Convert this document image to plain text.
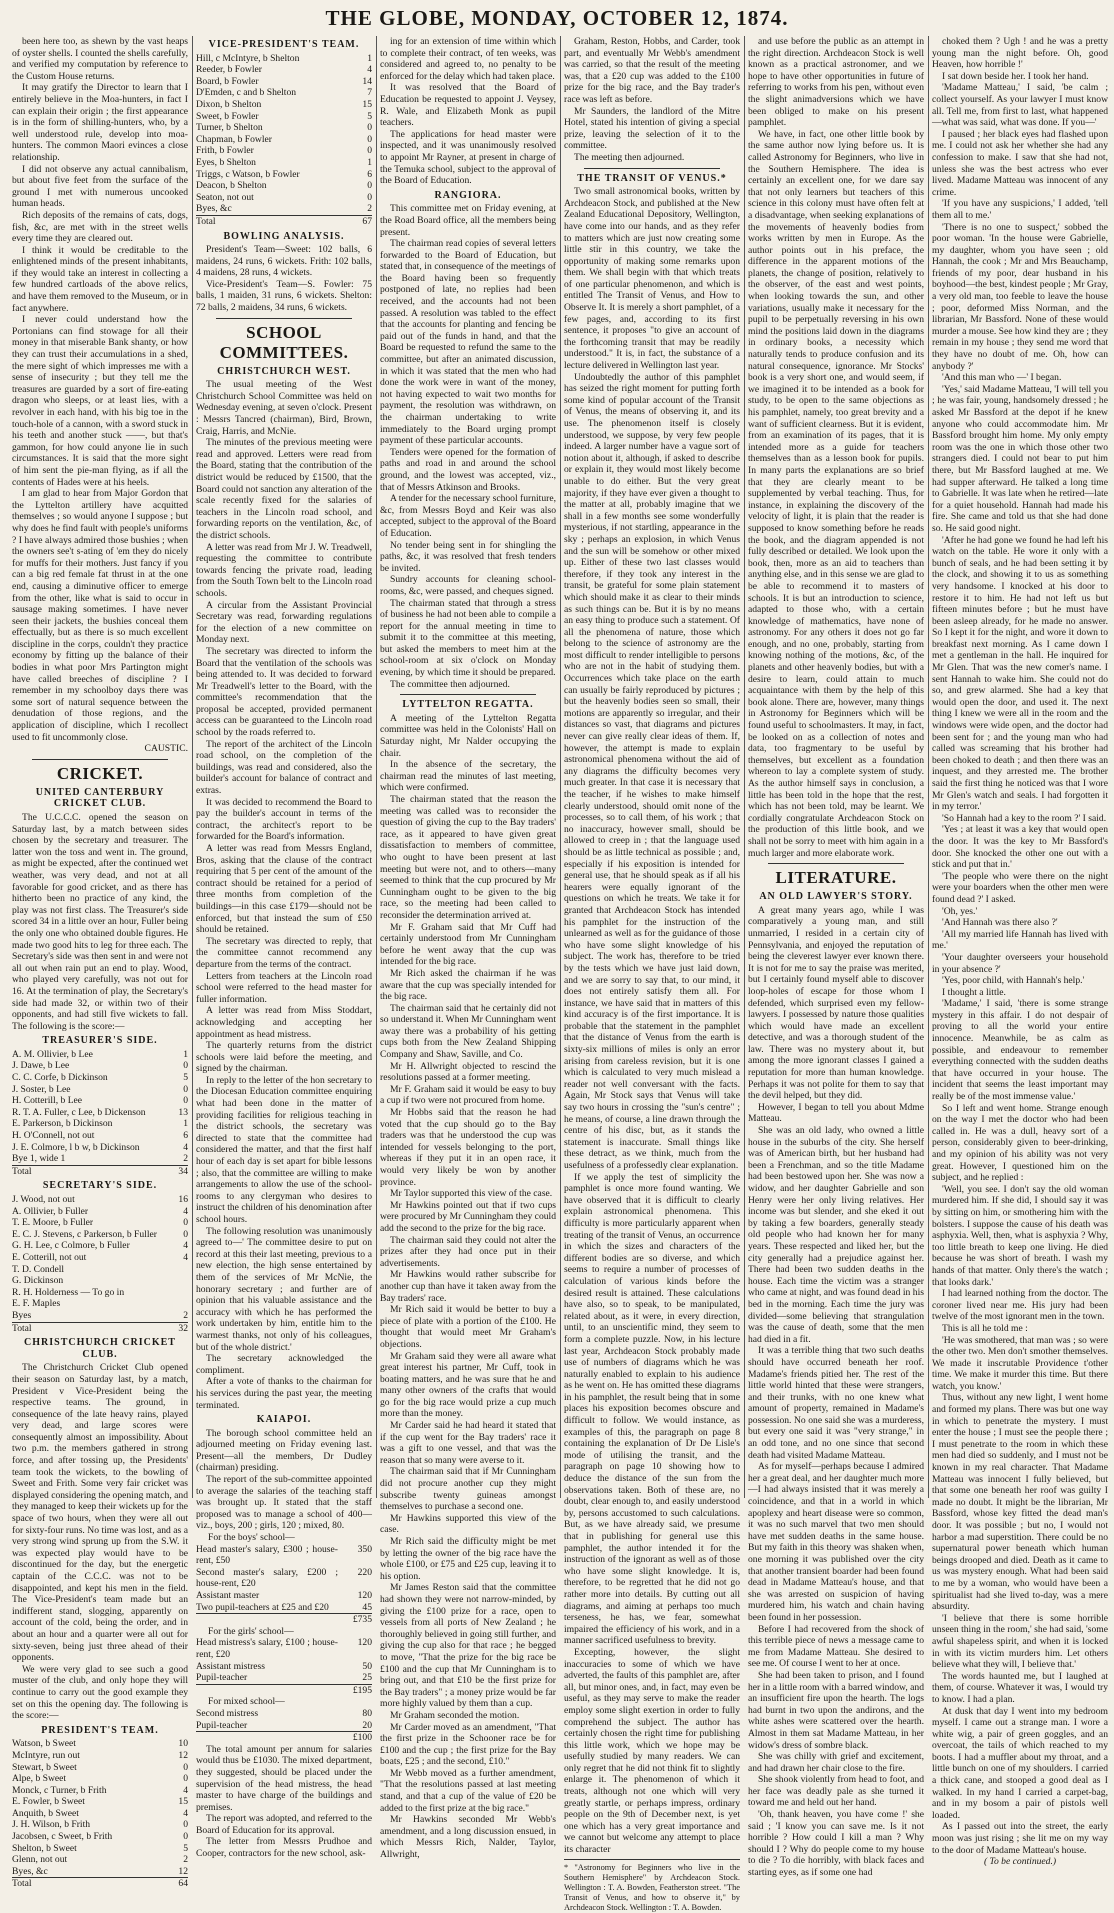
THE GLOBE, MONDAY, OCTOBER 12, 1874.

been here too, as shewn by the vast heaps of oyster shells. I counted the shells carefully, and verified my computation by reference to the Custom House returns.

It may gratify the Director to learn that I entirely believe in the Moa-hunters, in fact I can explain their origin ; the first appearance is in the form of shilling-hunters, who, by a well understood rule, develop into moa-hunters. The common Maori evinces a close relationship.

I did not observe any actual cannibalism, but about five feet from the surface of the ground I met with numerous uncooked human heads.

Rich deposits of the remains of cats, dogs, fish, &c, are met with in the street wells every time they are cleared out.

I think it would be creditable to the enlightened minds of the present inhabitants, if they would take an interest in collecting a few hundred cartloads of the above relics, and have them removed to the Museum, or in fact anywhere.

I never could understand how the Portonians can find stowage for all their money in that miserable Bank shanty, or how they can trust their accumulations in a shed, the mere sight of which impresses me with a sense of insecurity ; but they tell me the treasures are guarded by a sort of fire-eating dragon who sleeps, or at least lies, with a revolver in each hand, with his big toe in the touch-hole of a cannon, with a sword stuck in his teeth and another stuck ——, but that's gammon, for how could anyone lie in such circumstances. It is said that the more sight of him sent the pie-man flying, as if all the contents of Hades were at his heels.

I am glad to hear from Major Gordon that the Lyttelton artillery have acquitted themselves ; so would anyone I suppose ; but why does he find fault with people's uniforms ? I have always admired those bushies ; when the owners see't s-ating of 'em they do nicely for muffs for their mothers. Just fancy if you can a big red female fat thrust in at the one end, causing a diminutive officer to emerge from the other, like what is said to occur in sausage making sometimes. I have never seen their jackets, the bushies conceal them effectually, but as there is so much excellent discipline in the corps, couldn't they practice economy by fitting up the balance of their bodies in what poor Mrs Partington might have called breeches of discipline ? I remember in my schoolboy days there was some sort of natural sequence between the denudation of those regions, and the application of discipline, which I recollect used to fit uncommonly close.

CAUSTIC.
CRICKET.
UNITED CANTERBURY CRICKET CLUB.

The U.C.C.C. opened the season on Saturday last, by a match between sides chosen by the secretary and treasurer. The latter won the toss and went in. The ground, as might be expected, after the continued wet weather, was very dead, and not at all favorable for good cricket, and as there has hitherto been no practice of any kind, the play was not first class. The Treasurer's side scored 34 in a little over an hour, Fuller being the only one who obtained double figures. He made two good hits to leg for three each. The Secretary's side was then sent in and were not all out when rain put an end to play. Wood, who played very carefully, was not out for 16. At the termination of play, the Secretary's side had made 32, or within two of their opponents, and had still five wickets to fall. The following is the score:—

TREASURER'S SIDE.
A. M. Ollivier, b Lee	1
J. Dawe, b Lee	0
C. C. Corfe, b Dickinson	5
J. Soster, b Lee	0
H. Cotterill, b Lee	0
R. T. A. Fuller, c Lee, b Dickenson	13
E. Parkerson, b Dickinson	1
H. O'Connell, not out	6
J. E. Colmore, l b w, b Dickinson	4
Bye 1, wide 1	2
Total	34
SECRETARY'S SIDE.
J. Wood, not out	16
A. Ollivier, b Fuller	4
T. E. Moore, b Fuller	0
E. C. J. Stevens, c Parkerson, b Fuller	0
G. H. Lee, c Colmore, b Fuller	4
E. Cotterill, not out	4
T. D. Condell	
G. Dickinson	
R. H. Holderness — To go in	
E. F. Maples	
Byes	2
Total	32
CHRISTCHURCH CRICKET CLUB.

The Christchurch Cricket Club opened their season on Saturday last, by a match, President v Vice-President being the respective teams. The ground, in consequence of the late heavy rains, played very dead, and large scores were consequently almost an impossibility. About two p.m. the members gathered in strong force, and after tossing up, the Presidents' team took the wickets, to the bowling of Sweet and Frith. Some very fair cricket was displayed considering the opening match, and they managed to keep their wickets up for the space of two hours, when they were all out for sixty-four runs. No time was lost, and as a very strong wind sprung up from the S.W. it was expected play would have to be discontinued for the day, but the energetic captain of the C.C.C. was not to be disappointed, and kept his men in the field. The Vice-President's team made but an indifferent stand, slogging, apparently on account of the cold, being the order, and in about an hour and a quarter were all out for sixty-seven, being just three ahead of their opponents.

We were very glad to see such a good muster of the club, and only hope they will continue to carry out the good example they set on this the opening day. The following is the score:—

PRESIDENT'S TEAM.
Watson, b Sweet	10
McIntyre, run out	12
Stewart, b Sweet	0
Alpe, b Sweet	0
Monck, c Turner, b Frith	4
E. Fowler, b Sweet	15
Anquith, b Sweet	4
J. H. Wilson, b Frith	0
Jacobsen, c Sweet, b Frith	0
Shelton, b Sweet	5
Glenn, not out	2
Byes, &c	12
Total	64
VICE-PRESIDENT'S TEAM.
Hill, c McIntyre, b Shelton	1
Reeder, b Fowler	4
Board, b Fowler	14
D'Emden, c and b Shelton	7
Dixon, b Shelton	15
Sweet, b Fowler	5
Turner, b Shelton	0
Chapman, b Fowler	0
Frith, b Fowler	0
Eyes, b Shelton	1
Triggs, c Watson, b Fowler	6
Deacon, b Shelton	0
Seaton, not out	0
Byes, &c	2
Total	67
BOWLING ANALYSIS.

President's Team—Sweet: 102 balls, 6 maidens, 24 runs, 6 wickets. Frith: 102 balls, 4 maidens, 28 runs, 4 wickets.

Vice-President's Team—S. Fowler: 75 balls, 1 maiden, 31 runs, 6 wickets. Shelton: 72 balls, 2 maidens, 34 runs, 6 wickets.

SCHOOL COMMITTEES.
CHRISTCHURCH WEST.

The usual meeting of the West Christchurch School Committee was held on Wednesday evening, at seven o'clock. Present : Messrs Tancred (chairman), Bird, Brown, Craig, Harris, and McNie.

The minutes of the previous meeting were read and approved. Letters were read from the Board, stating that the contribution of the district would be reduced by £1500, that the Board could not sanction any alteration of the scale recently fixed for the salaries of teachers in the Lincoln road school, and forwarding reports on the ventilation, &c, of the district schools.

A letter was read from Mr J. W. Treadwell, requesting the committee to contribute towards fencing the private road, leading from the South Town belt to the Lincoln road schools.

A circular from the Assistant Provincial Secretary was read, forwarding regulations for the election of a new committee on Monday next.

The secretary was directed to inform the Board that the ventilation of the schools was being attended to. It was decided to forward Mr Treadwell's letter to the Board, with the committee's recommendation that the proposal be accepted, provided permanent access can be guaranteed to the Lincoln road school by the roads referred to.

The report of the architect of the Lincoln road school, on the completion of the buildings, was read and considered, also the builder's account for balance of contract and extras.

It was decided to recommend the Board to pay the builder's account in terms of the contract, the architect's report to be forwarded for the Board's information.

A letter was read from Messrs England, Bros, asking that the clause of the contract requiring that 5 per cent of the amount of the contract should be retained for a period of three months from completion of the buildings—in this case £179—should not be enforced, but that instead the sum of £50 should be retained.

The secretary was directed to reply, that the committee cannot recommend any departure from the terms of the contract.

Letters from teachers at the Lincoln road school were referred to the head master for fuller information.

A letter was read from Miss Stoddart, acknowledging and accepting her appointment as head mistress.

The quarterly returns from the district schools were laid before the meeting, and signed by the chairman.

In reply to the letter of the hon secretary to the Diocesan Education committee enquiring what had been done in the matter of providing facilities for religious teaching in the district schools, the secretary was directed to state that the committee had considered the matter, and that the first half hour of each day is set apart for bible lessons ; also, that the committee are willing to make arrangements to allow the use of the school-rooms to any clergyman who desires to instruct the children of his denomination after school hours.

The following resolution was unanimously agreed to—' The committee desire to put on record at this their last meeting, previous to a new election, the high sense entertained by them of the services of Mr McNie, the honorary secretary ; and further are of opinion that his valuable assistance and the accuracy with which he has performed the work undertaken by him, entitle him to the warmest thanks, not only of his colleagues, but of the whole district.'

The secretary acknowledged the compliment.

After a vote of thanks to the chairman for his services during the past year, the meeting terminated.

KAIAPOI.

The borough school committee held an adjourned meeting on Friday evening last. Present—all the members, Dr Dudley (chairman) presiding.

The report of the sub-committee appointed to average the salaries of the teaching staff was brought up. It stated that the staff proposed was to manage a school of 400—viz., boys, 200 ; girls, 120 ; mixed, 80.

For the boys' school—
Head master's salary, £300 ; house-rent, £50	350
Second master's salary, £200 ; house-rent, £20	220
Assistant master	120
Two pupil-teachers at £25 and £20	45
	£735
For the girls' school—
Head mistress's salary, £100 ; house-rent, £20	120
Assistant mistress	50
Pupil-teacher	25
	£195
For mixed school—
Second mistress	80
Pupil-teacher	20
	£100

The total amount per annum for salaries would thus be £1030. The mixed department, they suggested, should be placed under the supervision of the head mistress, the head master to have charge of the buildings and premises.

The report was adopted, and referred to the Board of Education for its approval.

The letter from Messrs Prudhoe and Cooper, contractors for the new school, ask-

ing for an extension of time within which to complete their contract, of ten weeks, was considered and agreed to, no penalty to be enforced for the delay which had taken place.

It was resolved that the Board of Education be requested to appoint J. Veysey, R. Wale, and Elizabeth Monk as pupil teachers.

The applications for head master were inspected, and it was unanimously resolved to appoint Mr Rayner, at present in charge of the Temuka school, subject to the approval of the Board of Education.

RANGIORA.

This committee met on Friday evening, at the Road Board office, all the members being present.

The chairman read copies of several letters forwarded to the Board of Education, but stated that, in consequence of the meetings of the Board having been so frequently postponed of late, no replies had been received, and the accounts had not been passed. A resolution was tabled to the effect that the accounts for planting and fencing be paid out of the funds in hand, and that the Board be requested to refund the same to the committee, but after an animated discussion, in which it was stated that the men who had done the work were in want of the money, not having expected to wait two months for payment, the resolution was withdrawn, on the chairman undertaking to write immediately to the Board urging prompt payment of these particular accounts.

Tenders were opened for the formation of paths and road in and around the school ground, and the lowest was accepted, viz., that of Messrs Atkinson and Brooks.

A tender for the necessary school furniture, &c, from Messrs Boyd and Keir was also accepted, subject to the approval of the Board of Education.

No tender being sent in for shingling the paths, &c, it was resolved that fresh tenders be invited.

Sundry accounts for cleaning school-rooms, &c, were passed, and cheques signed.

The chairman stated that through a stress of business he had not been able to compile a report for the annual meeting in time to submit it to the committee at this meeting, but asked the members to meet him at the school-room at six o'clock on Monday evening, by which time it should be prepared.

The committee then adjourned.

LYTTELTON REGATTA.

A meeting of the Lyttelton Regatta committee was held in the Colonists' Hall on Saturday night, Mr Nalder occupying the chair.

In the absence of the secretary, the chairman read the minutes of last meeting, which were confirmed.

The chairman stated that the reason the meeting was called was to reconsider the question of giving the cup to the Bay traders' race, as it appeared to have given great dissatisfaction to members of committee, who ought to have been present at last meeting but were not, and to others—many seemed to think that the cup procured by Mr Cunningham ought to be given to the big race, so the meeting had been called to reconsider the determination arrived at.

Mr F. Graham said that Mr Cuff had certainly understood from Mr Cunningham before he went away that the cup was intended for the big race.

Mr Rich asked the chairman if he was aware that the cup was specially intended for the big race.

The chairman said that he certainly did not so understand it. When Mr Cunningham went away there was a probability of his getting cups both from the New Zealand Shipping Company and Shaw, Saville, and Co.

Mr H. Allwright objected to rescind the resolutions passed at a former meeting.

Mr F. Graham said it would be easy to buy a cup if two were not procured from home.

Mr Hobbs said that the reason he had voted that the cup should go to the Bay traders was that he understood the cup was intended for vessels belonging to the port, whereas if they put it in an open race, it would very likely be won by another province.

Mr Taylor supported this view of the case.

Mr Hawkins pointed out that if two cups were procured by Mr Cunningham they could add the second to the prize for the big race.

The chairman said they could not alter the prizes after they had once put in their advertisements.

Mr Hawkins would rather subscribe for another cup than have it taken away from the Bay traders' race.

Mr Rich said it would be better to buy a piece of plate with a portion of the £100. He thought that would meet Mr Graham's objections.

Mr Graham said they were all aware what great interest his partner, Mr Cuff, took in boating matters, and he was sure that he and many other owners of the crafts that would go for the big race would prize a cup much more than the money.

Mr Carder said he had heard it stated that if the cup went for the Bay traders' race it was a gift to one vessel, and that was the reason that so many were averse to it.

The chairman said that if Mr Cunningham did not procure another cup they might subscribe twenty guineas amongst themselves to purchase a second one.

Mr Hawkins supported this view of the case.

Mr Rich said the difficulty might be met by letting the owner of the big race have the whole £100, or £75 and £25 cup, leaving it to his option.

Mr James Reston said that the committee had shown they were not narrow-minded, by giving the £100 prize for a race, open to vessels from all ports of New Zealand ; he thoroughly believed in going still further, and giving the cup also for that race ; he begged to move, "That the prize for the big race be £100 and the cup that Mr Cunningham is to bring out, and that £10 be the first prize for the Bay traders" ; a money prize would be far more highly valued by them than a cup.

Mr Graham seconded the motion.

Mr Carder moved as an amendment, "That the first prize in the Schooner race be for £100 and the cup ; the first prize for the Bay boats, £25 ; and the second, £10."

Mr Webb moved as a further amendment, "That the resolutions passed at last meeting stand, and that a cup of the value of £20 be added to the first prize at the big race."

Mr Hawkins seconded Mr Webb's amendment, and a long discussion ensued, in which Messrs Rich, Nalder, Taylor, Allwright,

Graham, Reston, Hobbs, and Carder, took part, and eventually Mr Webb's amendment was carried, so that the result of the meeting was, that a £20 cup was added to the £100 prize for the big race, and the Bay trader's race was left as before.

Mr Saunders, the landlord of the Mitre Hotel, stated his intention of giving a special prize, leaving the selection of it to the committee.

The meeting then adjourned.

THE TRANSIT OF VENUS.*

Two small astronomical books, written by Archdeacon Stock, and published at the New Zealand Educational Depository, Wellington, have come into our hands, and as they refer to matters which are just now creating some little stir in this country, we take the opportunity of making some remarks upon them. We shall begin with that which treats of one particular phenomenon, and which is entitled The Transit of Venus, and How to Observe It. It is merely a short pamphlet, of a few pages, and, according to its first sentence, it proposes "to give an account of the forthcoming transit that may be readily understood." It is, in fact, the substance of a lecture delivered in Wellington last year.

Undoubtedly the author of this pamphlet has seized the right moment for putting forth some kind of popular account of the Transit of Venus, the means of observing it, and its use. The phenomenon itself is closely understood, we suppose, by very few people indeed. A larger number have a vague sort of notion about it, although, if asked to describe or explain it, they would most likely become unable to do either. But the very great majority, if they have ever given a thought to the matter at all, probably imagine that we shall in a few months see some wonderfully mysterious, if not startling, appearance in the sky ; perhaps an explosion, in which Venus and the sun will be somehow or other mixed up. Either of these two last classes would therefore, if they took any interest in the transit, be grateful for some plain statement which should make it as clear to their minds as such things can be. But it is by no means an easy thing to produce such a statement. Of all the phenomena of nature, those which belong to the science of astronomy are the most difficult to render intelligible to persons who are not in the habit of studying them. Occurrences which take place on the earth can usually be fairly reproduced by pictures ; but the heavenly bodies seen so small, their motions are apparently so irregular, and their distances so vast, that diagrams and pictures never can give really clear ideas of them. If, however, the attempt is made to explain astronomical phenomena without the aid of any diagrams the difficulty becomes very much greater. In that case it is necessary that the teacher, if he wishes to make himself clearly understood, should omit none of the processes, so to call them, of his work ; that no inaccuracy, however small, should be allowed to creep in ; that the language used should be as little technical as possible ; and, especially if his exposition is intended for general use, that he should speak as if all his hearers were equally ignorant of the questions on which he treats. We take it for granted that Archdeacon Stock has intended his pamphlet for the instruction of the unlearned as well as for the guidance of those who have some slight knowledge of his subject. The work has, therefore to be tried by the tests which we have just laid down, and we are sorry to say that, to our mind, it does not entirely satisfy them all. For instance, we have said that in matters of this kind accuracy is of the first importance. It is probable that the statement in the pamphlet that the distance of Venus from the earth is sixty-six millions of miles is only an error arising from careless revision, but it is one which is calculated to very much mislead a reader not well conversant with the facts. Again, Mr Stock says that Venus will take say two hours in crossing the "sun's centre" ; he means, of course, a line drawn through the centre of his disc, but, as it stands the statement is inaccurate. Small things like these detract, as we think, much from the usefulness of a professedly clear explanation.

If we apply the test of simplicity the pamphlet is once more found wanting. We have observed that it is difficult to clearly explain astronomical phenomena. This difficulty is more particularly apparent when treating of the transit of Venus, an occurrence in which the sizes and characters of the different bodies are so diverse, and which seems to require a number of processes of calculation of various kinds before the desired result is attained. These calculations have also, so to speak, to be manipulated, related about, as it were, in every direction, until, to an unscientific mind, they seem to form a complete puzzle. Now, in his lecture last year, Archdeacon Stock probably made use of numbers of diagrams which he was naturally enabled to explain to his audience as he went on. He has omitted these diagrams in his pamphlet, the result being that in some places his exposition becomes obscure and difficult to follow. We would instance, as examples of this, the paragraph on page 8 containing the explanation of Dr De Lisle's mode of utilising the transit, and the paragraph on page 10 showing how to deduce the distance of the sun from the observations taken. Both of these are, no doubt, clear enough to, and easily understood by, persons accustomed to such calculations. But, as we have already said, we presume that in publishing for general use this pamphlet, the author intended it for the instruction of the ignorant as well as of those who have some slight knowledge. It is, therefore, to be regretted that he did not go rather more into details. By cutting out all diagrams, and aiming at perhaps too much terseness, he has, we fear, somewhat impaired the efficiency of his work, and in a manner sacrificed usefulness to brevity.

Excepting, however, the slight inaccuracies to some of which we have adverted, the faults of this pamphlet are, after all, but minor ones, and, in fact, may even be useful, as they may serve to make the reader employ some slight exertion in order to fully comprehend the subject. The author has certainly chosen the right time for publishing this little work, which we hope may be usefully studied by many readers. We can only regret that he did not think fit to slightly enlarge it. The phenomenon of which it treats, although not one which will very greatly startle, or perhaps impress, ordinary people on the 9th of December next, is yet one which has a very great importance and we cannot but welcome any attempt to place its character

* "Astronomy for Beginners who live in the Southern Hemisphere" by Archdeacon Stock. Wellington : T. A. Bowden, Featherston street. "The Transit of Venus, and how to observe it," by Archdeacon Stock. Wellington : T. A. Bowden.

and use before the public as an attempt in the right direction. Archdeacon Stock is well known as a practical astronomer, and we hope to have other opportunities in future of referring to works from his pen, without even the slight animadversions which we have been obliged to make on his present pamphlet.

We have, in fact, one other little book by the same author now lying before us. It is called Astronomy for Beginners, who live in the Southern Hemisphere. The idea is certainly an excellent one, for we dare say that not only learners but teachers of this science in this colony must have often felt at a disadvantage, when seeking explanations of the movements of heavenly bodies from works written by men in Europe. As the author points out in his preface, the difference in the apparent motions of the planets, the change of position, relatively to the observer, of the east and west points, when looking towards the sun, and other variations, usually make it necessary for the pupil to be perpetually reversing in his own mind the positions laid down in the diagrams in ordinary books, a necessity which naturally tends to produce confusion and its natural consequence, ignorance. Mr Stocks' book is a very short one, and would seem, if we imagined it to be intended as a book for study, to be open to the same objections as his pamphlet, namely, too great brevity and a want of sufficient clearness. But it is evident, from an examination of its pages, that it is intended more as a guide for teachers themselves than as a lesson book for pupils. In many parts the explanations are so brief that they are clearly meant to be supplemented by verbal teaching. Thus, for instance, in explaining the discovery of the velocity of light, it is plain that the reader is supposed to know something before he reads the book, and the diagram appended is not fully described or detailed. We look upon the book, then, more as an aid to teachers than anything else, and in this sense we are glad to be able to recommend it to masters of schools. It is but an introduction to science, adapted to those who, with a certain knowledge of mathematics, have none of astronomy. For any others it does not go far enough, and no one, probably, starting from knowing nothing of the motions, &c, of the planets and other heavenly bodies, but with a desire to learn, could attain to much acquaintance with them by the help of this book alone. There are, however, many things in Astronomy for Beginners which will be found useful to schoolmasters. It may, in fact, be looked on as a collection of notes and data, too fragmentary to be useful by themselves, but excellent as a foundation whereon to lay a complete system of study. As the author himself says in conclusion, a little has been told in the hope that the rest, which has not been told, may be learnt. We cordially congratulate Archdeacon Stock on the production of this little book, and we shall not be sorry to meet with him again in a much larger and more elaborate work.

LITERATURE.
AN OLD LAWYER'S STORY.

A great many years ago, while I was comparatively a young man, and still unmarried, I resided in a certain city of Pennsylvania, and enjoyed the reputation of being the cleverest lawyer ever known there. It is not for me to say the praise was merited, but I certainly found myself able to discover loop-holes of escape for those whom I defended, which surprised even my fellow-lawyers. I possessed by nature those qualities which would have made an excellent detective, and was a thorough student of the law. There was no mystery about it, but among the more ignorant classes I gained a reputation for more than human knowledge. Perhaps it was not polite for them to say that the devil helped, but they did.

However, I began to tell you about Mdme Matteau.

She was an old lady, who owned a little house in the suburbs of the city. She herself was of American birth, but her husband had been a Frenchman, and so the title Madame had been bestowed upon her. She was now a widow, and her daughter Gabrielle and son Henry were her only living relatives. Her income was but slender, and she eked it out by taking a few boarders, generally steady old people who had known her for many years. These respected and liked her, but the city generally had a prejudice against her. There had been two sudden deaths in the house. Each time the victim was a stranger who came at night, and was found dead in his bed in the morning. Each time the jury was divided—some believing that strangulation was the cause of death, some that the men had died in a fit.

It was a terrible thing that two such deaths should have occurred beneath her roof. Madame's friends pitied her. The rest of the little world hinted that these were strangers, and their trunks, with no one knew what amount of property, remained in Madame's possession. No one said she was a murderess, but every one said it was "very strange," in an odd tone, and no one since that second death had visited Madame Matteau.

As for myself—perhaps because I admired her a great deal, and her daughter much more—I had always insisted that it was merely a coincidence, and that in a world in which apoplexy and heart disease were so common, it was no such marvel that two men should have met sudden deaths in the same house. But my faith in this theory was shaken when, one morning it was published over the city that another transient boarder had been found dead in Madame Matteau's house, and that she was arrested on suspicion of having murdered him, his watch and chain having been found in her possession.

Before I had recovered from the shock of this terrible piece of news a message came to me from Madame Matteau. She desired to see me. Of course I went to her at once.

She had been taken to prison, and I found her in a little room with a barred window, and an insufficient fire upon the hearth. The logs had burnt in two upon the andirons, and the white ashes were scattered over the hearth. Almost in them sat Madame Matteau, in her widow's dress of sombre black.

She was chilly with grief and excitement, and had drawn her chair close to the fire.

She shook violently from head to foot, and her face was deadly pale as she turned it toward me and held out her hand.

'Oh, thank heaven, you have come !' she said ; 'I know you can save me. Is it not horrible ? How could I kill a man ? Why should I ? Why do people come to my house to die ? To die horribly, with black faces and starting eyes, as if some one had

choked them ? Ugh ! and he was a pretty young man the night before. Oh, good Heaven, how horrible !'

I sat down beside her. I took her hand.

'Madame Matteau,' I said, 'be calm ; collect yourself. As your lawyer I must know all. Tell me, from first to last, what happened—what was said, what was done. If you—'

I paused ; her black eyes had flashed upon me. I could not ask her whether she had any confession to make. I saw that she had not, unless she was the best actress who ever lived. Madame Matteau was innocent of any crime.

'If you have any suspicions,' I added, 'tell them all to me.'

'There is no one to suspect,' sobbed the poor woman. 'In the house were Gabrielle, my daughter, whom you have seen ; old Hannah, the cook ; Mr and Mrs Beauchamp, friends of my poor, dear husband in his boyhood—the best, kindest people ; Mr Gray, a very old man, too feeble to leave the house ; poor, deformed Miss Norman, and the librarian, Mr Bassford. None of these would murder a mouse. See how kind they are ; they remain in my house ; they send me word that they have no doubt of me. Oh, how can anybody ?'

'And this man who —' I began.

'Yes,' said Madame Matteau, 'I will tell you ; he was fair, young, handsomely dressed ; he asked Mr Bassford at the depot if he knew anyone who could accommodate him. Mr Bassford brought him home. My only empty room was the one in which those other two strangers died. I could not bear to put him there, but Mr Bassford laughed at me. We had supper afterward. He talked a long time to Gabrielle. It was late when he retired—late for a quiet household. Hannah had made his fire. She came and told us that she had done so. He said good night.

'After he had gone we found he had left his watch on the table. He wore it only with a bunch of seals, and he had been setting it by the clock, and showing it to us as something very handsome. I knocked at his door to restore it to him. He had not left us but fifteen minutes before ; but he must have been asleep already, for he made no answer. So I kept it for the night, and wore it down to breakfast next morning. As I came down I met a gentleman in the hall. He inquired for Mr Glen. That was the new comer's name. I sent Hannah to wake him. She could not do so, and grew alarmed. She had a key that would open the door, and used it. The next thing I knew we were all in the room and the windows were wide open, and the doctor had been sent for ; and the young man who had called was screaming that his brother had been choked to death ; and then there was an inquest, and they arrested me. The brother said the first thing he noticed was that I wore Mr Glen's watch and seals. I had forgotten it in my terror.'

'So Hannah had a key to the room ?' I said.

'Yes ; at least it was a key that would open the door. It was the key to Mr Bassford's door. She knocked the other one out with a stick and put that in.'

'The people who were there on the night were your boarders when the other men were found dead ?' I asked.

'Oh, yes.'

'And Hannah was there also ?'

'All my married life Hannah has lived with me.'

'Your daughter overseers your household in your absence ?'

'Yes, poor child, with Hannah's help.'

I thought a little.

'Madame,' I said, 'there is some strange mystery in this affair. I do not despair of proving to all the world your entire innocence. Meanwhile, be as calm as possible, and endeavour to remember everything connected with the sudden deaths that have occurred in your house. The incident that seems the least important may really be of the most immense value.'

So I left and went home. Strange enough on the way I met the doctor who had been called in. He was a dull, heavy sort of a person, considerably given to beer-drinking, and my opinion of his ability was not very great. However, I questioned him on the subject, and he replied :

'Well, you see. I don't say the old woman murdered him. If she did, I should say it was by sitting on him, or smothering him with the bolsters. I suppose the cause of his death was asphyxia. Well, then, what is asphyxia ? Why, too little breath to keep one living. He died because he was short of breath. I wash my hands of that matter. Only there's the watch ; that looks dark.'

I had learned nothing from the doctor. The coroner lived near me. His jury had been twelve of the most ignorant men in the town.

This is all he told me :

'He was smothered, that man was ; so were the other two. Men don't smother themselves. We made it inscrutable Providence t'other time. We make it murder this time. But there watch, you know.'

Thus, without any new light, I went home and formed my plans. There was but one way in which to penetrate the mystery. I must enter the house ; I must see the people there ; I must penetrate to the room in which these men had died so suddenly, and I must not be known in my real character. That Madame Matteau was innocent I fully believed, but that some one beneath her roof was guilty I made no doubt. It might be the librarian, Mr Bassford, whose key fitted the dead man's door. It was possible ; but no, I would not harbor a mad superstition. There could be no supernatural power beneath which human beings drooped and died. Death as it came to us was mystery enough. What had been said to me by a woman, who would have been a spiritualist had she lived to-day, was a mere absurdity.

'I believe that there is some horrible unseen thing in the room,' she had said, 'some awful shapeless spirit, and when it is locked in with its victim murders him. Let others believe what they will, I believe that.'

The words haunted me, but I laughed at them, of course. Whatever it was, I would try to know. I had a plan.

At dusk that day I went into my bedroom myself. I came out a strange man. I wore a white wig, a pair of green goggles, and an overcoat, the tails of which reached to my boots. I had a muffler about my throat, and a little bunch on one of my shoulders. I carried a thick cane, and stooped a good deal as I walked. In my hand I carried a carpet-bag, and in my bosom a pair of pistols well loaded.

As I passed out into the street, the early moon was just rising ; she lit me on my way to the door of Madame Matteau's house.

( To be continued.)
